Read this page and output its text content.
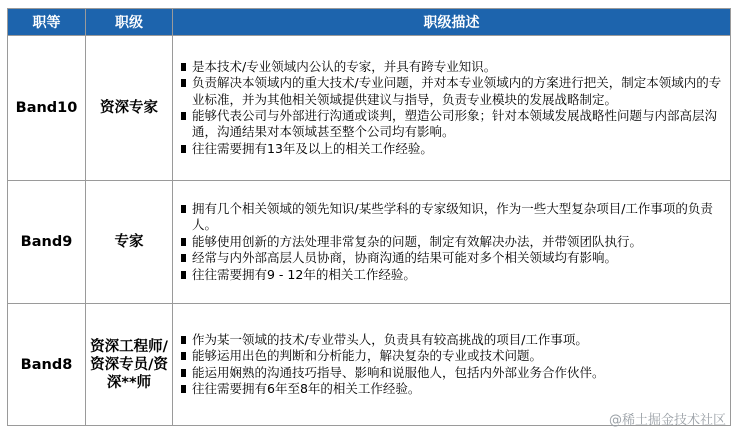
职等	职级	职级描述
Band10	资深专家	是本技术/专业领域内公认的专家，并具有跨专业知识。

负责解决本领域内的重大技术/专业问题，并对本专业领域内的方案进行把关，制定本领域内的专业标准，并为其他相关领域提供建议与指导，负责专业模块的发展战略制定。

能够代表公司与外部进行沟通或谈判，塑造公司形象；针对本领域发展战略性问题与内部高层沟通，沟通结果对本领域甚至整个公司均有影响。

往往需要拥有13年及以上的相关工作经验。

Band9	专家	拥有几个相关领域的领先知识/某些学科的专家级知识，作为一些大型复杂项目/工作事项的负责人。

能够使用创新的方法处理非常复杂的问题，制定有效解决办法，并带领团队执行。

经常与内外部高层人员协商，协商沟通的结果可能对多个相关领域均有影响。

往往需要拥有9 - 12年的相关工作经验。

Band8	资深工程师/资深专员/资深**师	作为某一领域的技术/专业带头人，负责具有较高挑战的项目/工作事项。

能够运用出色的判断和分析能力，解决复杂的专业或技术问题。

能运用娴熟的沟通技巧指导、影响和说服他人，包括内外部业务合作伙伴。

往往需要拥有6年至8年的相关工作经验。

@稀土掘金技术社区
